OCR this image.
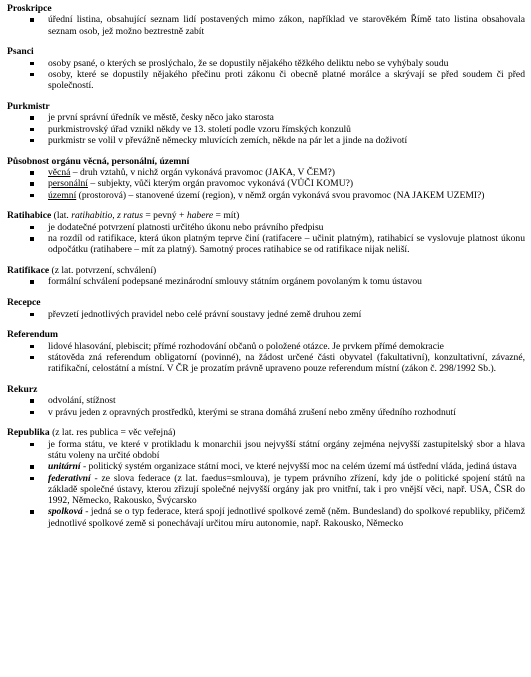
Proskripce
úřední listina, obsahující seznam lidí postavených mimo zákon, například ve starověkém Římě tato listina obsahovala seznam osob, jež možno beztrestně zabít
Psanci
osoby psané, o kterých se proslýchalo, že se dopustily nějakého těžkého deliktu nebo se vyhýbaly soudu
osoby, které se dopustily nějakého přečinu proti zákonu či obecně platné morálce a skrývají se před soudem či před společností.
Purkmistr
je první správní úředník ve městě, česky něco jako starosta
purkmistrovský úřad vznikl někdy ve 13. století podle vzoru římských konzulů
purkmistr se volil v převážně německy mluvících zemích, někde na pár let a jinde na doživotí
Působnost orgánu věcná, personální, územní
věcná – druh vztahů, v nichž orgán vykonává pravomoc (JAKA, V ČEM?)
personální – subjekty, vůči kterým orgán pravomoc vykonává (VŮČI KOMU?)
územní (prostorová) – stanovené území (region), v němž orgán vykonává svou pravomoc (NA JAKEM UZEMI?)
Ratihabice (lat. ratihabitio, z ratus = pevný + habere = mít)
je dodatečné potvrzení platnosti určitého úkonu nebo právního předpisu
na rozdíl od ratifikace, která úkon platným teprve činí (ratifacere – učinit platným), ratihabicí se vyslovuje platnost úkonu odpočátku (ratihabere – mít za platný). Samotný proces ratihabice se od ratifikace nijak neliší.
Ratifikace (z lat. potvrzení, schválení)
formální schválení podepsané mezinárodní smlouvy státním orgánem povolaným k tomu ústavou
Recepce
převzetí jednotlivých pravidel nebo celé právní soustavy jedné země druhou zemí
Referendum
lidové hlasování, plebiscit; přímé rozhodování občanů o položené otázce. Je prvkem přímé demokracie
státověda zná referendum obligatorní (povinné), na žádost určené části obyvatel (fakultativní), konzultativní, závazné, ratifikační, celostátní a místní. V ČR je prozatím právně upraveno pouze referendum místní (zákon č. 298/1992 Sb.).
Rekurz
odvolání, stížnost
v právu jeden z opravných prostředků, kterými se strana domáhá zrušení nebo změny úředního rozhodnutí
Republika (z lat. res publica = věc veřejná)
je forma státu, ve které v protikladu k monarchii jsou nejvyšší státní orgány zejména nejvyšší zastupitelský sbor a hlava státu voleny na určité období
unitární - politický systém organizace státní moci, ve které nejvyšší moc na celém území má ústřední vláda, jediná ústava
federativní - ze slova federace (z lat. faedus=smlouva), je typem právního zřízení, kdy jde o politické spojení států na základě společné ústavy, kterou zřizují společné nejvyšší orgány jak pro vnitřní, tak i pro vnější věci, např. USA, ČSR do 1992, Německo, Rakousko, Švýcarsko
spolková - jedná se o typ federace, která spojí jednotlivé spolkové země (něm. Bundesland) do spolkové republiky, přičemž jednotlivé spolkové země si ponechávají určitou míru autonomie, např. Rakousko, Německo
